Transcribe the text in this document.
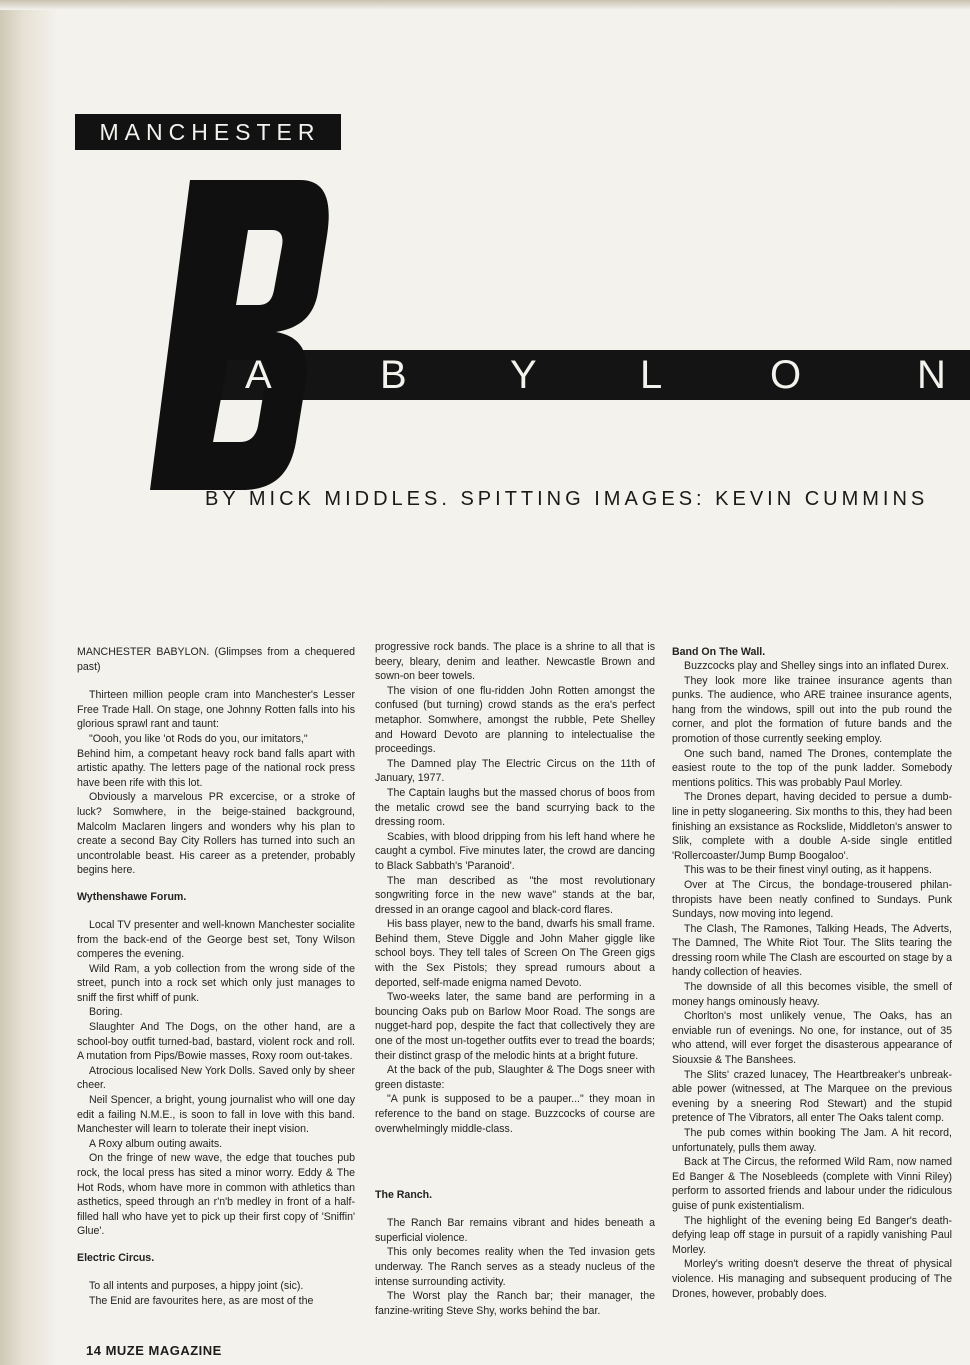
MANCHESTER
A	B	Y	L	O	N
BY MICK MIDDLES. SPITTING IMAGES: KEVIN CUMMINS

MANCHESTER BABYLON. (Glimpses from a chequered past)

Thirteen million people cram into Manchester's Lesser Free Trade Hall. On stage, one Johnny Rotten falls into his glorious sprawl rant and taunt:

"Oooh, you like 'ot Rods do you, our imitators,"

Behind him, a competant heavy rock band falls apart with artistic apathy. The letters page of the national rock press have been rife with this lot.

Obviously a marvelous PR excercise, or a stroke of luck? Somwhere, in the beige-stained background, Malcolm Maclaren lingers and wonders why his plan to create a second Bay City Rollers has turned into such an uncontrolable beast. His career as a pretender, probably begins here.

Wythenshawe Forum.

Local TV presenter and well-known Manchester socialite from the back-end of the George best set, Tony Wilson comperes the evening.

Wild Ram, a yob collection from the wrong side of the street, punch into a rock set which only just manages to sniff the first whiff of punk.

Boring.

Slaughter And The Dogs, on the other hand, are a school-boy outfit turned-bad, bastard, violent rock and roll. A mutation from Pips/Bowie masses, Roxy room out-takes.

Atrocious localised New York Dolls. Saved only by sheer cheer.

Neil Spencer, a bright, young journalist who will one day edit a failing N.M.E., is soon to fall in love with this band. Manchester will learn to tolerate their inept vision.

A Roxy album outing awaits.

On the fringe of new wave, the edge that touches pub rock, the local press has sited a minor worry. Eddy & The Hot Rods, whom have more in common with athletics than asthetics, speed through an r'n'b medley in front of a half-filled hall who have yet to pick up their first copy of 'Sniffin' Glue'.

Electric Circus.

To all intents and purposes, a hippy joint (sic).

The Enid are favourites here, as are most of the

progressive rock bands. The place is a shrine to all that is beery, bleary, denim and leather. Newcastle Brown and sown-on beer towels.

The vision of one flu-ridden John Rotten amongst the confused (but turning) crowd stands as the era's perfect metaphor. Somwhere, amongst the rubble, Pete Shelley and Howard Devoto are planning to intelectualise the proceedings.

The Damned play The Electric Circus on the 11th of January, 1977.

The Captain laughs but the massed chorus of boos from the metalic crowd see the band scurrying back to the dressing room.

Scabies, with blood dripping from his left hand where he caught a cymbol. Five minutes later, the crowd are dancing to Black Sabbath's 'Paranoid'.

The man described as "the most revolutionary songwriting force in the new wave" stands at the bar, dressed in an orange cagool and black-cord flares.

His bass player, new to the band, dwarfs his small frame. Behind them, Steve Diggle and John Maher giggle like school boys. They tell tales of Screen On The Green gigs with the Sex Pistols; they spread rumours about a deported, self-made enigma named Devoto.

Two-weeks later, the same band are performing in a bouncing Oaks pub on Barlow Moor Road. The songs are nugget-hard pop, despite the fact that collectively they are one of the most un-together outfits ever to tread the boards; their distinct grasp of the melodic hints at a bright future.

At the back of the pub, Slaughter & The Dogs sneer with green distaste:

"A punk is supposed to be a pauper..." they moan in reference to the band on stage. Buzzcocks of course are overwhelmingly middle-class.

The Ranch.

The Ranch Bar remains vibrant and hides beneath a superficial violence.

This only becomes reality when the Ted invasion gets underway. The Ranch serves as a steady nucleus of the intense surrounding activity.

The Worst play the Ranch bar; their manager, the fanzine-writing Steve Shy, works behind the bar.

Band On The Wall.

Buzzcocks play and Shelley sings into an inflated Durex.

They look more like trainee insurance agents than punks. The audience, who ARE trainee insurance agents, hang from the windows, spill out into the pub round the corner, and plot the formation of future bands and the promotion of those currently seeking employ.

One such band, named The Drones, contemplate the easiest route to the top of the punk ladder. Somebody mentions politics. This was probably Paul Morley.

The Drones depart, having decided to persue a dumb-line in petty sloganeering. Six months to this, they had been finishing an exsistance as Rockslide, Middleton's answer to Slik, complete with a double A-side single entitled 'Rollercoaster/Jump Bump Boogaloo'.

This was to be their finest vinyl outing, as it happens.

Over at The Circus, the bondage-trousered philan-thropists have been neatly confined to Sundays. Punk Sundays, now moving into legend.

The Clash, The Ramones, Talking Heads, The Adverts, The Damned, The White Riot Tour. The Slits tearing the dressing room while The Clash are escourted on stage by a handy collection of heavies.

The downside of all this becomes visible, the smell of money hangs ominously heavy.

Chorlton's most unlikely venue, The Oaks, has an enviable run of evenings. No one, for instance, out of 35 who attend, will ever forget the disasterous appearance of Siouxsie & The Banshees.

The Slits' crazed lunacey, The Heartbreaker's unbreak-able power (witnessed, at The Marquee on the previous evening by a sneering Rod Stewart) and the stupid pretence of The Vibrators, all enter The Oaks talent comp.

The pub comes within booking The Jam. A hit record, unfortunately, pulls them away.

Back at The Circus, the reformed Wild Ram, now named Ed Banger & The Nosebleeds (complete with Vinni Riley) perform to assorted friends and labour under the ridiculous guise of punk existentialism.

The highlight of the evening being Ed Banger's death-defying leap off stage in pursuit of a rapidly vanishing Paul Morley.

Morley's writing doesn't deserve the threat of physical violence. His managing and subsequent producing of The Drones, however, probably does.

14 MUZE MAGAZINE
